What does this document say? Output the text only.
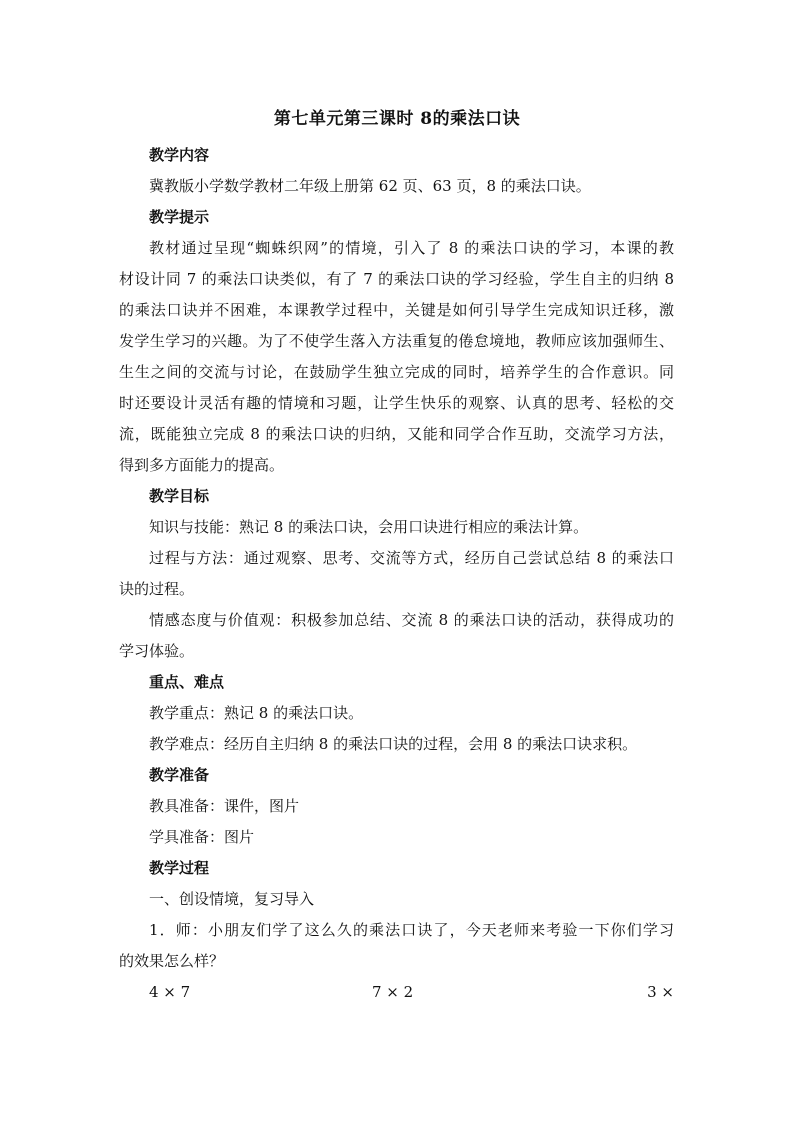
第七单元第三课时 8的乘法口诀
教学内容
冀教版小学数学教材二年级上册第 62 页、63 页，8 的乘法口诀。
教学提示
教材通过呈现“蜘蛛织网”的情境，引入了 8 的乘法口诀的学习，本课的教
材设计同 7 的乘法口诀类似，有了 7 的乘法口诀的学习经验，学生自主的归纳 8
的乘法口诀并不困难，本课教学过程中，关键是如何引导学生完成知识迁移，激
发学生学习的兴趣。为了不使学生落入方法重复的倦怠境地，教师应该加强师生、
生生之间的交流与讨论，在鼓励学生独立完成的同时，培养学生的合作意识。同
时还要设计灵活有趣的情境和习题，让学生快乐的观察、认真的思考、轻松的交
流，既能独立完成 8 的乘法口诀的归纳，又能和同学合作互助，交流学习方法，
得到多方面能力的提高。
教学目标
知识与技能：熟记 8 的乘法口诀，会用口诀进行相应的乘法计算。
过程与方法：通过观察、思考、交流等方式，经历自己尝试总结 8 的乘法口
诀的过程。
情感态度与价值观：积极参加总结、交流 8 的乘法口诀的活动，获得成功的
学习体验。
重点、难点
教学重点：熟记 8 的乘法口诀。
教学难点：经历自主归纳 8 的乘法口诀的过程，会用 8 的乘法口诀求积。
教学准备
教具准备：课件，图片
学具准备：图片
教学过程
一、创设情境，复习导入
1．师：小朋友们学了这么久的乘法口诀了，今天老师来考验一下你们学习
的效果怎么样？
4 × 7	7 × 2	3 ×
